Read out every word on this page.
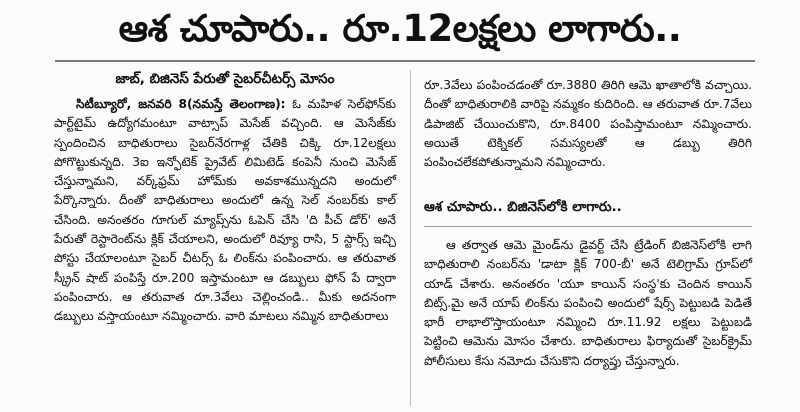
ఆశ చూపారు.. రూ.12లక్షలు లాగారు..
జాబ్, బిజినెస్ పేరుతో సైబర్‌చీటర్స్ మోసం

సిటీబ్యూరో, జనవరి 8(నమస్తే తెలంగాణ): ఓ మహిళ సెల్‌ఫోన్‌కు పార్ట్‌టైమ్ ఉద్యోగమంటూ వాట్సాప్ మెసేజ్ వచ్చింది. ఆ మెసేజ్‌కు స్పందించిన బాధితురాలు సైబర్‌నేరగాళ్ల చేతికి చిక్కి రూ.12లక్షలు పోగొట్టుకున్నది. 3ఐ ఇన్ఫోటెక్ ప్రైవేట్ లిమిటెడ్ కంపెనీ నుంచి మెసేజ్ చేస్తున్నామని, వర్క్‌ఫ్రమ్ హోమ్‌కు అవకాశమున్నదని అందులో పేర్కొన్నారు. దీంతో బాధితురాలు అందులో ఉన్న సెల్ నంబర్‌కు కాల్ చేసింది. అనంతరం గూగుల్ మ్యాప్స్‌ను ఓపెన్ చేసి 'ది పీచ్ డోర్' అనే పేరుతో రెస్టారెంట్‌ను క్లిక్ చేయాలని, అందులో రివ్యూ రాసి, 5 స్టార్స్ ఇచ్చి పోస్టు చేయాలంటూ సైబర్ చీటర్స్ ఓ లింక్‌ను పంపించారు. ఆ తరువాత స్క్రీన్ షాట్ పంపిస్తే రూ.200 ఇస్తామంటూ ఆ డబ్బులు ఫోన్ పే ద్వారా పంపించారు. ఆ తరువాత రూ.3వేలు చెల్లించండి.. మీకు అదనంగా డబ్బులు వస్తాయంటూ నమ్మించారు. వారి మాటలు నమ్మిన బాధితురాలు

రూ.3వేలు పంపించడంతో రూ.3880 తిరిగి ఆమె ఖాతాలోకి వచ్చాయి. దీంతో బాధితురాలికి వారిపై నమ్మకం కుదిరింది. ఆ తరువాత రూ.7వేలు డిపాజిట్ చేయించుకొని, రూ.8400 పంపిస్తామంటూ నమ్మించారు. అయితే టెక్నికల్ సమస్యలతో ఆ డబ్బు తిరిగి పంపించలేకపోతున్నామని నమ్మించారు.

ఆశ చూపారు.. బిజినెస్‌లోకి లాగారు..

ఆ తర్వాత ఆమె మైండ్‌ను డైవర్ట్ చేసి ట్రేడింగ్ బిజినెస్‌లోకి లాగి బాధితురాలి నంబర్‌ను 'డాటా క్లిక్ 700-బీ' అనే టెలిగ్రామ్ గ్రూప్‌లో యాడ్ చేశారు. అనంతరం 'యూ కాయిన్ సంస్థ'కు చెందిన కాయిన్ బిట్స్.మై అనే యాప్ లింక్‌ను పంపించి అందులో షేర్స్ పెట్టుబడి పెడితే భారీ లాభాలొస్తాయంటూ నమ్మించి రూ.11.92 లక్షలు పెట్టుబడి పెట్టించి ఆమెను మోసం చేశారు. బాధితురాలు ఫిర్యాదుతో సైబర్‌క్రైమ్ పోలీసులు కేసు నమోదు చేసుకొని దర్యాప్తు చేస్తున్నారు.
